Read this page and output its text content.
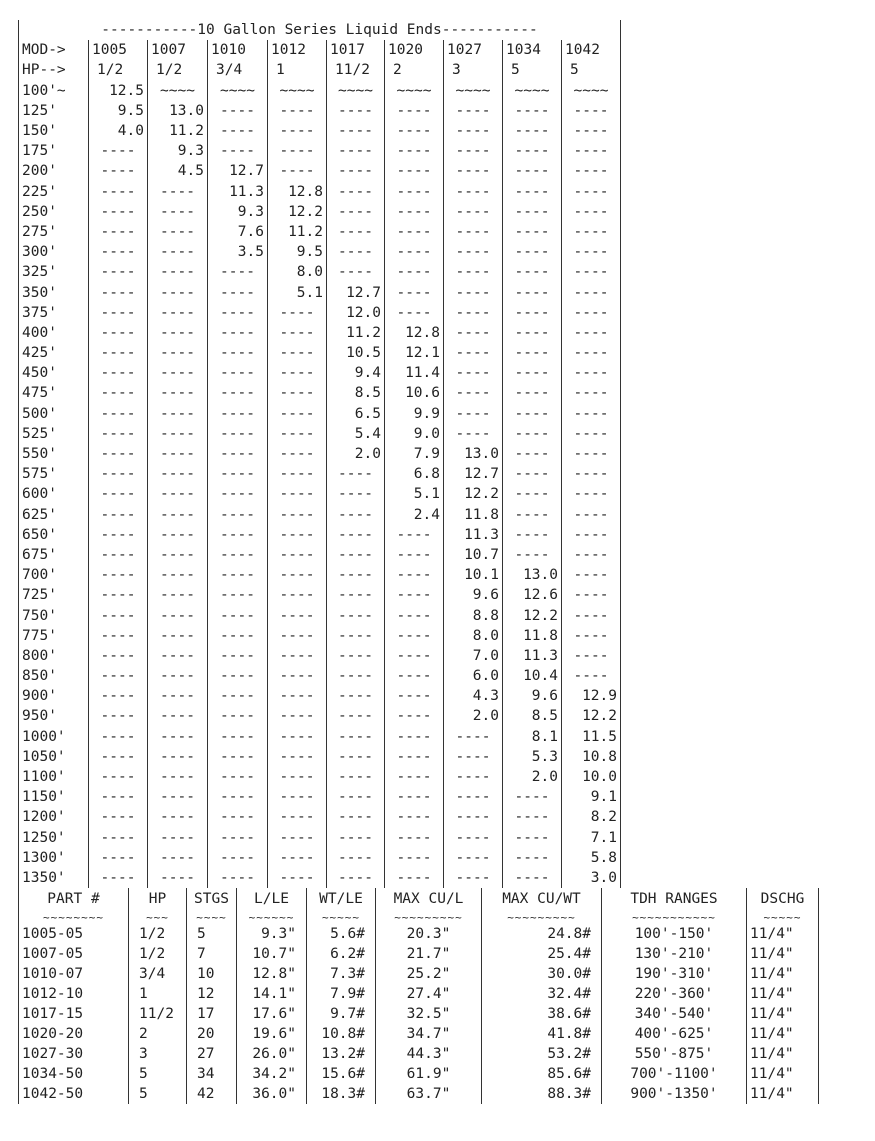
-----------10 Gallon Series Liquid Ends-----------									
MOD->	1005	1007	1010	1012	1017	1020	1027	1034	1042
HP-->	1/2	1/2	3/4	1	11/2	2	3	5	5
100'~	12.5	~~~~	~~~~	~~~~	~~~~	~~~~	~~~~	~~~~	~~~~
125'	9.5	13.0	----	----	----	----	----	----	----
150'	4.0	11.2	----	----	----	----	----	----	----
175'	----	9.3	----	----	----	----	----	----	----
200'	----	4.5	12.7	----	----	----	----	----	----
225'	----	----	11.3	12.8	----	----	----	----	----
250'	----	----	9.3	12.2	----	----	----	----	----
275'	----	----	7.6	11.2	----	----	----	----	----
300'	----	----	3.5	9.5	----	----	----	----	----
325'	----	----	----	8.0	----	----	----	----	----
350'	----	----	----	5.1	12.7	----	----	----	----
375'	----	----	----	----	12.0	----	----	----	----
400'	----	----	----	----	11.2	12.8	----	----	----
425'	----	----	----	----	10.5	12.1	----	----	----
450'	----	----	----	----	9.4	11.4	----	----	----
475'	----	----	----	----	8.5	10.6	----	----	----
500'	----	----	----	----	6.5	9.9	----	----	----
525'	----	----	----	----	5.4	9.0	----	----	----
550'	----	----	----	----	2.0	7.9	13.0	----	----
575'	----	----	----	----	----	6.8	12.7	----	----
600'	----	----	----	----	----	5.1	12.2	----	----
625'	----	----	----	----	----	2.4	11.8	----	----
650'	----	----	----	----	----	----	11.3	----	----
675'	----	----	----	----	----	----	10.7	----	----
700'	----	----	----	----	----	----	10.1	13.0	----
725'	----	----	----	----	----	----	9.6	12.6	----
750'	----	----	----	----	----	----	8.8	12.2	----
775'	----	----	----	----	----	----	8.0	11.8	----
800'	----	----	----	----	----	----	7.0	11.3	----
850'	----	----	----	----	----	----	6.0	10.4	----
900'	----	----	----	----	----	----	4.3	9.6	12.9
950'	----	----	----	----	----	----	2.0	8.5	12.2
1000'	----	----	----	----	----	----	----	8.1	11.5
1050'	----	----	----	----	----	----	----	5.3	10.8
1100'	----	----	----	----	----	----	----	2.0	10.0
1150'	----	----	----	----	----	----	----	----	9.1
1200'	----	----	----	----	----	----	----	----	8.2
1250'	----	----	----	----	----	----	----	----	7.1
1300'	----	----	----	----	----	----	----	----	5.8
1350'	----	----	----	----	----	----	----	----	3.0
PART #	HP	STGS	L/LE	WT/LE	MAX CU/L	MAX CU/WT	TDH RANGES	DSCHG
~~~~~~~~	~~~	~~~~	~~~~~~	~~~~~	~~~~~~~~~	~~~~~~~~~	~~~~~~~~~~~	~~~~~
1005-05	1/2	5	9.3"	5.6#	20.3"	24.8#	100'-150'	11/4"
1007-05	1/2	7	10.7"	6.2#	21.7"	25.4#	130'-210'	11/4"
1010-07	3/4	10	12.8"	7.3#	25.2"	30.0#	190'-310'	11/4"
1012-10	1	12	14.1"	7.9#	27.4"	32.4#	220'-360'	11/4"
1017-15	11/2	17	17.6"	9.7#	32.5"	38.6#	340'-540'	11/4"
1020-20	2	20	19.6"	10.8#	34.7"	41.8#	400'-625'	11/4"
1027-30	3	27	26.0"	13.2#	44.3"	53.2#	550'-875'	11/4"
1034-50	5	34	34.2"	15.6#	61.9"	85.6#	700'-1100'	11/4"
1042-50	5	42	36.0"	18.3#	63.7"	88.3#	900'-1350'	11/4"
